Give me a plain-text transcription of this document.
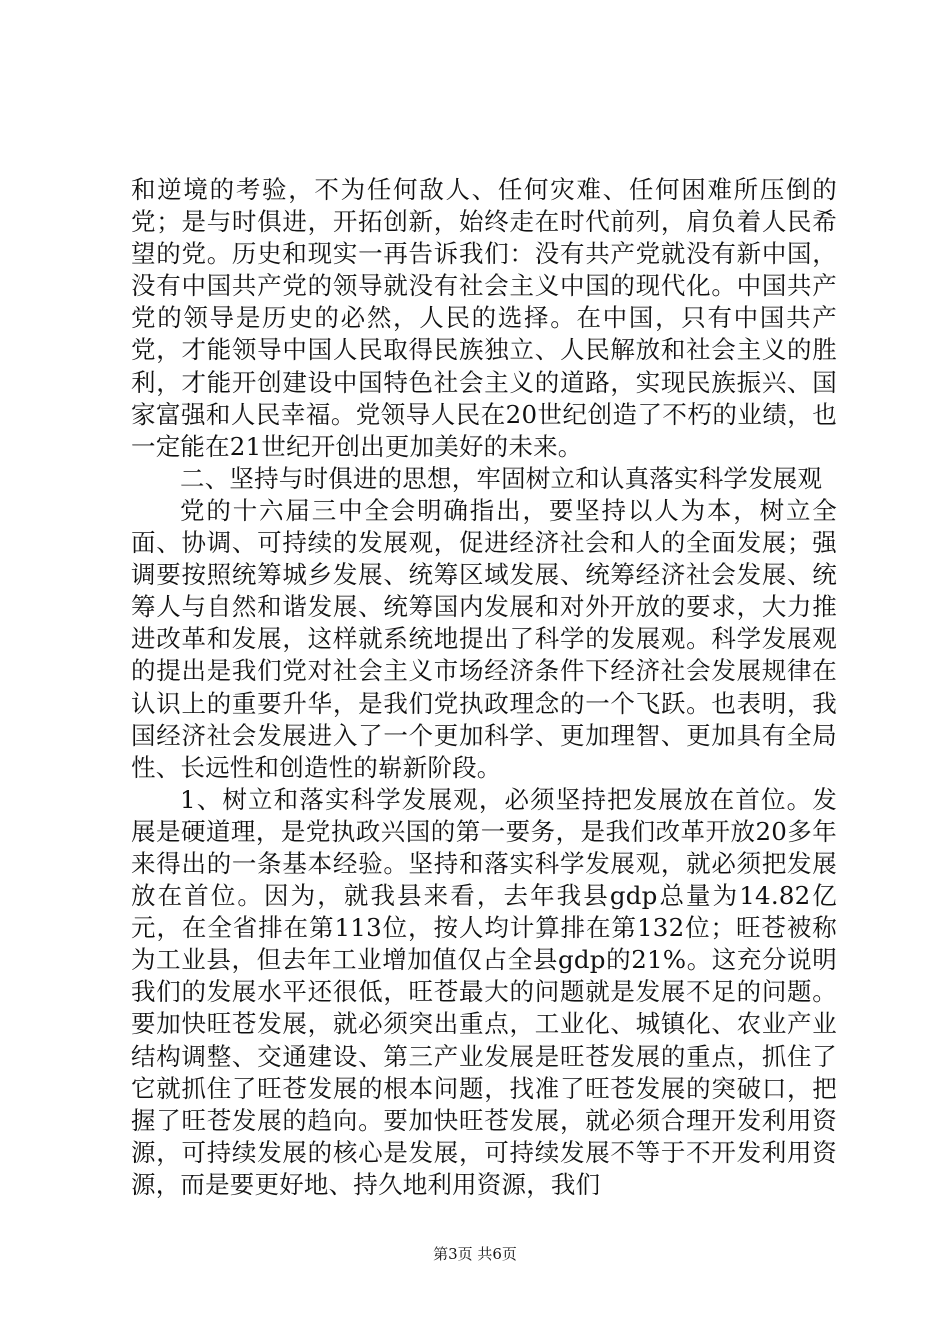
和逆境的考验，不为任何敌人、任何灾难、任何困难所压倒的党；是与时俱进，开拓创新，始终走在时代前列，肩负着人民希望的党。历史和现实一再告诉我们：没有共产党就没有新中国，没有中国共产党的领导就没有社会主义中国的现代化。中国共产党的领导是历史的必然，人民的选择。在中国，只有中国共产党，才能领导中国人民取得民族独立、人民解放和社会主义的胜利，才能开创建设中国特色社会主义的道路，实现民族振兴、国家富强和人民幸福。党领导人民在20世纪创造了不朽的业绩，也一定能在21世纪开创出更加美好的未来。

二、坚持与时俱进的思想，牢固树立和认真落实科学发展观

党的十六届三中全会明确指出，要坚持以人为本，树立全面、协调、可持续的发展观，促进经济社会和人的全面发展；强调要按照统筹城乡发展、统筹区域发展、统筹经济社会发展、统筹人与自然和谐发展、统筹国内发展和对外开放的要求，大力推进改革和发展，这样就系统地提出了科学的发展观。科学发展观的提出是我们党对社会主义市场经济条件下经济社会发展规律在认识上的重要升华，是我们党执政理念的一个飞跃。也表明，我国经济社会发展进入了一个更加科学、更加理智、更加具有全局性、长远性和创造性的崭新阶段。

1、树立和落实科学发展观，必须坚持把发展放在首位。发展是硬道理，是党执政兴国的第一要务，是我们改革开放20多年来得出的一条基本经验。坚持和落实科学发展观，就必须把发展放在首位。因为，就我县来看，去年我县gdp总量为14.82亿元，在全省排在第113位，按人均计算排在第132位；旺苍被称为工业县，但去年工业增加值仅占全县gdp的21%。这充分说明我们的发展水平还很低，旺苍最大的问题就是发展不足的问题。要加快旺苍发展，就必须突出重点，工业化、城镇化、农业产业结构调整、交通建设、第三产业发展是旺苍发展的重点，抓住了它就抓住了旺苍发展的根本问题，找准了旺苍发展的突破口，把握了旺苍发展的趋向。要加快旺苍发展，就必须合理开发利用资源，可持续发展的核心是发展，可持续发展不等于不开发利用资源，而是要更好地、持久地利用资源，我们

第3页 共6页
